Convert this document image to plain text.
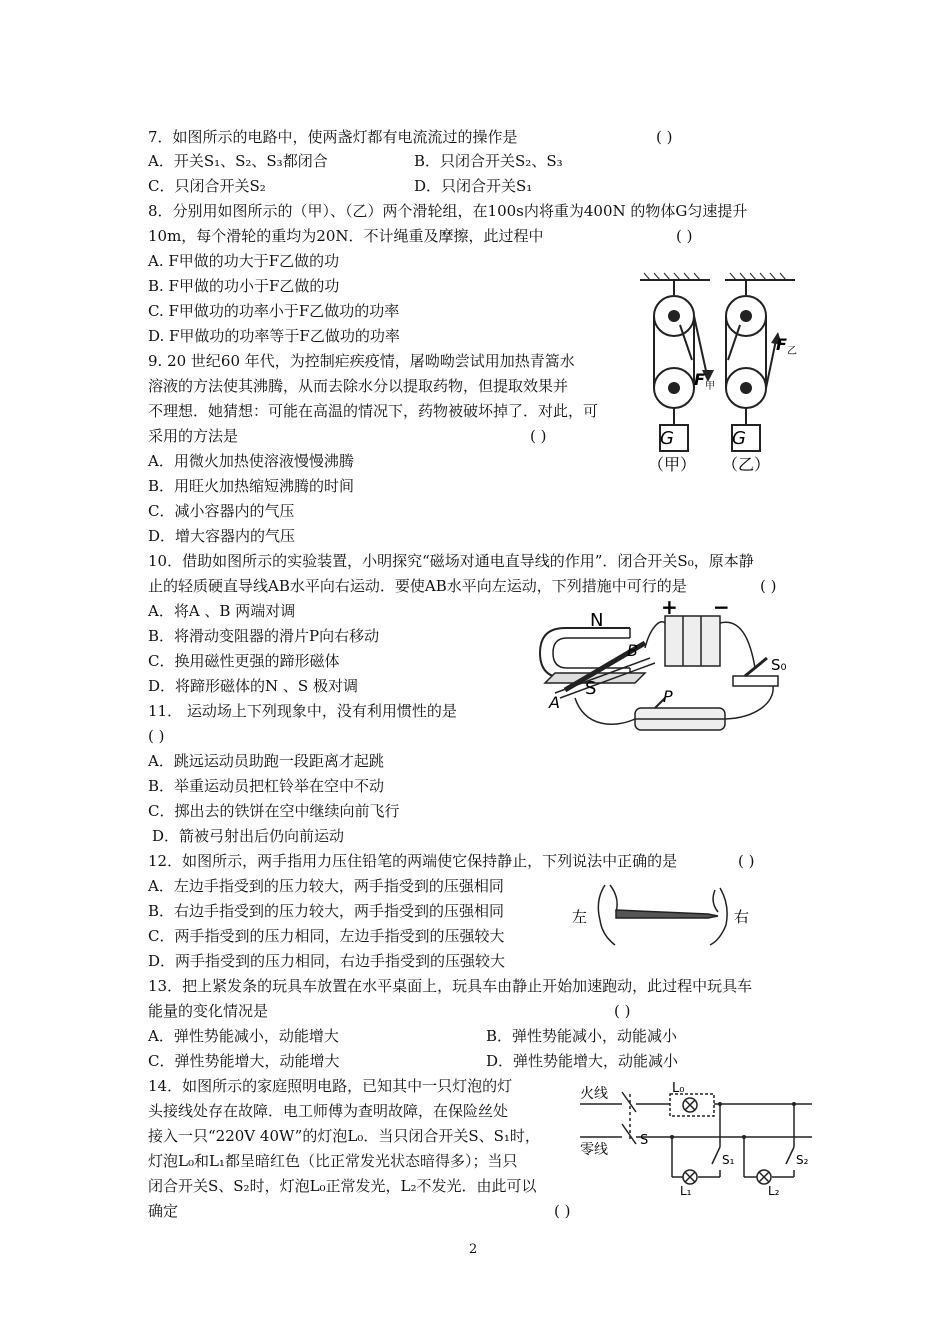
7．如图所示的电路中，使两盏灯都有电流流过的操作是	( )
A．开关S₁、S₂、S₃都闭合	B．只闭合开关S₂、S₃
C．只闭合开关S₂	D．只闭合开关S₁
8．分别用如图所示的（甲）、（乙）两个滑轮组，在100s内将重为400N 的物体G匀速提升
10m，每个滑轮的重均为20N．不计绳重及摩擦，此过程中	( )
A. F甲做的功大于F乙做的功
B. F甲做的功小于F乙做的功
C. F甲做功的功率小于F乙做功的功率
D. F甲做功的功率等于F乙做功的功率
9. 20 世纪60 年代，为控制疟疾疫情，屠呦呦尝试用加热青篙水
溶液的方法使其沸腾，从而去除水分以提取药物，但提取效果并
不理想．她猜想：可能在高温的情况下，药物被破坏掉了．对此，可
采用的方法是	( )
A．用微火加热使溶液慢慢沸腾
B．用旺火加热缩短沸腾的时间
C．减小容器内的气压
D．增大容器内的气压
G
F 甲
G
F 乙
（甲） （乙）
10．借助如图所示的实验装置，小明探究“磁场对通电直导线的作用”．闭合开关S₀，原本静
止的轻质硬直导线AB水平向右运动．要使AB水平向左运动，下列措施中可行的是	( )
A．将A 、B 两端对调
B．将滑动变阻器的滑片P向右移动
C．换用磁性更强的蹄形磁体
D．将蹄形磁体的N 、S 极对调
N
S
A
B
P
+ −
S₀
11． 运动场上下列现象中，没有利用惯性的是
( )
A．跳远运动员助跑一段距离才起跳
B．举重运动员把杠铃举在空中不动
C．掷出去的铁饼在空中继续向前飞行
D．箭被弓射出后仍向前运动
12．如图所示，两手指用力压住铅笔的两端使它保持静止，下列说法中正确的是	( )
A．左边手指受到的压力较大，两手指受到的压强相同
B．右边手指受到的压力较大，两手指受到的压强相同
C．两手指受到的压力相同，左边手指受到的压强较大
D．两手指受到的压力相同，右边手指受到的压强较大
左	右
13．把上紧发条的玩具车放置在水平桌面上，玩具车由静止开始加速跑动，此过程中玩具车
能量的变化情况是	( )
A．弹性势能减小，动能增大	B．弹性势能减小，动能减小
C．弹性势能增大，动能增大	D．弹性势能增大，动能减小
14．如图所示的家庭照明电路，已知其中一只灯泡的灯
头接线处存在故障．电工师傅为查明故障，在保险丝处
接入一只“220V 40W”的灯泡L₀．当只闭合开关S、S₁时，
灯泡L₀和L₁都呈暗红色（比正常发光状态暗得多）；当只
闭合开关S、S₂时，灯泡L₀正常发光，L₂不发光．由此可以
确定	( )
火线
零线
S
L₀
S₁	S₂
L₁	L₂
2
